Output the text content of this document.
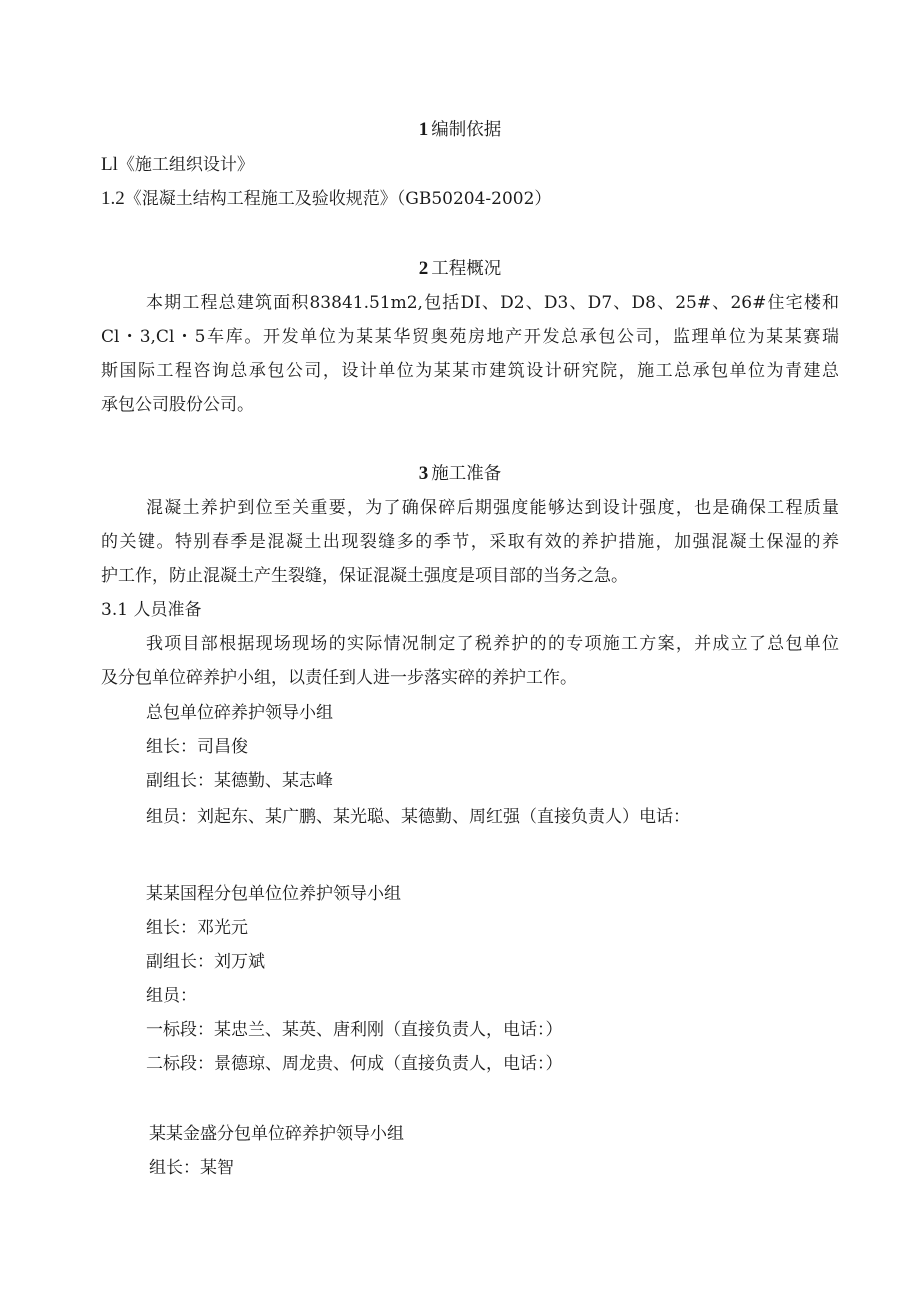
1 编制依据
Ll《施工组织设计》
1.2《混凝土结构工程施工及验收规范》（GB50204-2002）
2 工程概况
本期工程总建筑面积83841.51m2,包括DI、D2、D3、D7、D8、25#、26#住宅楼和
Cl・3,Cl・5车库。开发单位为某某华贸奥苑房地产开发总承包公司，监理单位为某某赛瑞
斯国际工程咨询总承包公司，设计单位为某某市建筑设计研究院，施工总承包单位为青建总
承包公司股份公司。
3 施工准备
混凝土养护到位至关重要，为了确保碎后期强度能够达到设计强度，也是确保工程质量
的关键。特别春季是混凝土出现裂缝多的季节，采取有效的养护措施，加强混凝土保湿的养
护工作，防止混凝土产生裂缝，保证混凝土强度是项目部的当务之急。
3.1 人员准备
我项目部根据现场现场的实际情况制定了税养护的的专项施工方案，并成立了总包单位
及分包单位碎养护小组，以责任到人进一步落实碎的养护工作。
总包单位碎养护领导小组
组长：司昌俊
副组长：某德勤、某志峰
组员：刘起东、某广鹏、某光聪、某德勤、周红强（直接负责人）电话：
某某国程分包单位位养护领导小组
组长：邓光元
副组长：刘万斌
组员：
一标段：某忠兰、某英、唐利刚（直接负责人，电话：）
二标段：景德琼、周龙贵、何成（直接负责人，电话：）
某某金盛分包单位碎养护领导小组
组长：某智
